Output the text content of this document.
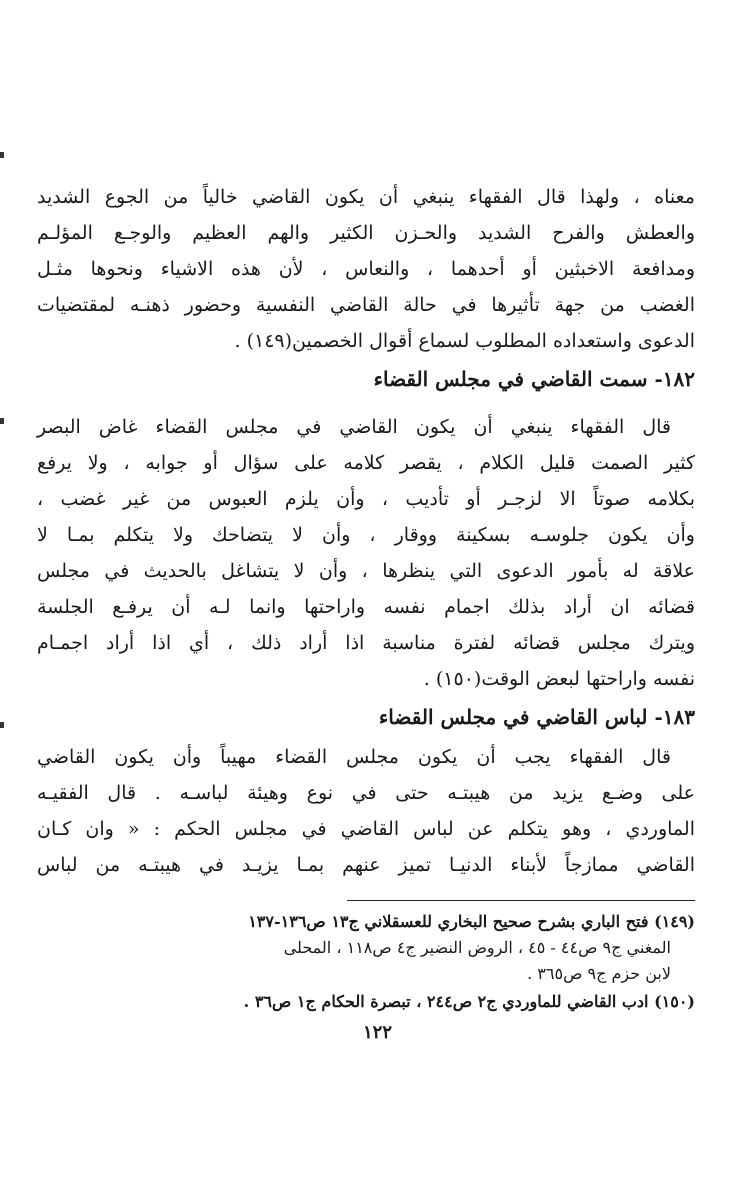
معناه ، ولهذا قال الفقهاء ينبغي أن يكون القاضي خالياً من الجوع الشديد
والعطش والفرح الشديد والحـزن الكثير والهم العظيم والوجـع المؤلـم
ومدافعة الاخبثين أو أحدهما ، والنعاس ، لأن هذه الاشياء ونحوها مثـل
الغضب من جهة تأثيرها في حالة القاضي النفسية وحضور ذهنـه لمقتضيات
الدعوى واستعداده المطلوب لسماع أقوال الخصمين(١٤٩) .
١٨٢- سمت القاضي في مجلس القضاء
قال الفقهاء ينبغي أن يكون القاضي في مجلس القضاء غاض البصر
كثير الصمت قليل الكلام ، يقصر كلامه على سؤال أو جوابه ، ولا يرفع
بكلامه صوتاً الا لزجـر أو تأديب ، وأن يلزم العبوس من غير غضب ،
وأن يكون جلوسـه بسكينة ووقار ، وأن لا يتضاحك ولا يتكلم بمـا لا
علاقة له بأمور الدعوى التي ينظرها ، وأن لا يتشاغل بالحديث في مجلس
قضائه ان أراد بذلك اجمام نفسه واراحتها وانما لـه أن يرفـع الجلسة
ويترك مجلس قضائه لفترة مناسبة اذا أراد ذلك ، أي اذا أراد اجمـام
نفسه واراحتها لبعض الوقت(١٥٠) .
١٨٣- لباس القاضي في مجلس القضاء
قال الفقهاء يجب أن يكون مجلس القضاء مهيباً وأن يكون القاضي
على وضـع يزيد من هيبتـه حتى في نوع وهيئة لباسـه . قال الفقيـه
الماوردي ، وهو يتكلم عن لباس القاضي في مجلس الحكم : « وان كـان
القاضي ممازجاً لأبناء الدنيـا تميز عنهم بمـا يزيـد في هيبتـه من لباس
(١٤٩) فتح الباري بشرح صحيح البخاري للعسقلاني ج١٣ ص١٣٦-١٣٧
المغني ج٩ ص٤٤ - ٤٥ ، الروض النضير ج٤ ص١١٨ ، المحلى
لابن حزم ج٩ ص٣٦٥ .
(١٥٠) ادب القاضي للماوردي ج٢ ص٢٤٤ ، تبصرة الحكام ج١ ص٣٦ .
١٢٢
